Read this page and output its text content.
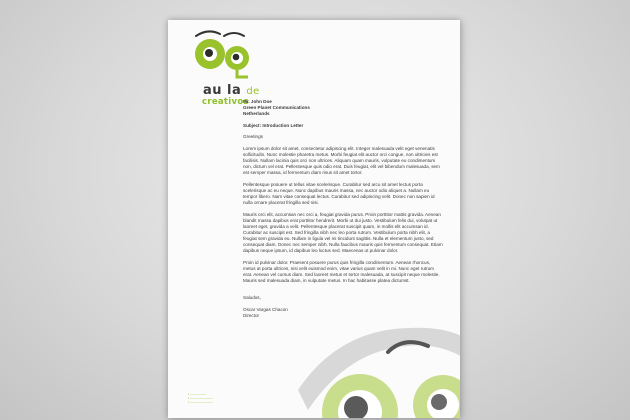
au la de
creativos
Mr. John Doe
Green Planet Communications
Netherlands
Subject: Introduction Letter
Greetings

Lorem ipsum dolor sit amet, consectetur adipiscing elit. Integer malesuada velit eget venenatis sollicitudin. Nunc molestie pharetra metus. Morbi feugiat elit auctor orci congue, non ultricies est facilisis. Nullam lacinia quis orci non ultrices. Aliquam quam mauris, vulputate eu condimentum non, dictum vel erat. Pellentesque quis odio erat. Duis feugiat, elit vel bibendum malesuada, sem est semper massa, id fermentum diam risus sit amet tortor.

Pellentesque posuere ut tellus vitae scelerisque. Curabitur sed arcu sit amet lectus porta scelerisque ac eu neque. Nunc dapibus mauris massa, nec auctor odio aliquet a. Nullam eu tempor libero. Nam vitae consequat lectus. Curabitur sed adipiscing velit. Donec non sapien id nulla ornare placerat fringilla sed nisi.

Mauris orci elit, accumsan nec orci a, feugiat gravida purus. Proin porttitor mattis gravida. Aenean blandit massa dapibus erat porttitor hendrerit. Morbi ut dui justo. Vestibulum felis dui, volutpat ut laoreet eget, gravida a velit. Pellentesque placerat suscipit quam, in mollis elit accumsan id. Curabitur ac suscipit est. Sed fringilla nibh nec leo porta rutrum. Vestibulum porta nibh elit, a feugiat sem gravida eu. Nullam in ligula vel mi tincidunt sagittis. Nulla et elementum justo, sed consequat diam. Donec nec semper nibh. Nulla faucibus mauris quis fermentum consequat. Etiam dapibus neque ipsum, id dapibus leo luctus sed. Maecenas ut pulvinar dolor.

Proin id pulvinar dolor. Praesent posuere purus quis fringilla condimentum. Aenean rhoncus, metus at porta ultrices, nisi velit euismod enim, vitae varius quam velit in mi. Nunc eget rutrum erat. Aenean vel cursus diam. Sed laoreet metus et tortor malesuada, at suscipit neque molestie. Mauris sed malesuada diam, in vulputate metus. In hac habitasse platea dictumst.

Saludos,
Oscar Vargas Chacon
Director
▪ ───────
▪ ──────────
▪ ──────────
